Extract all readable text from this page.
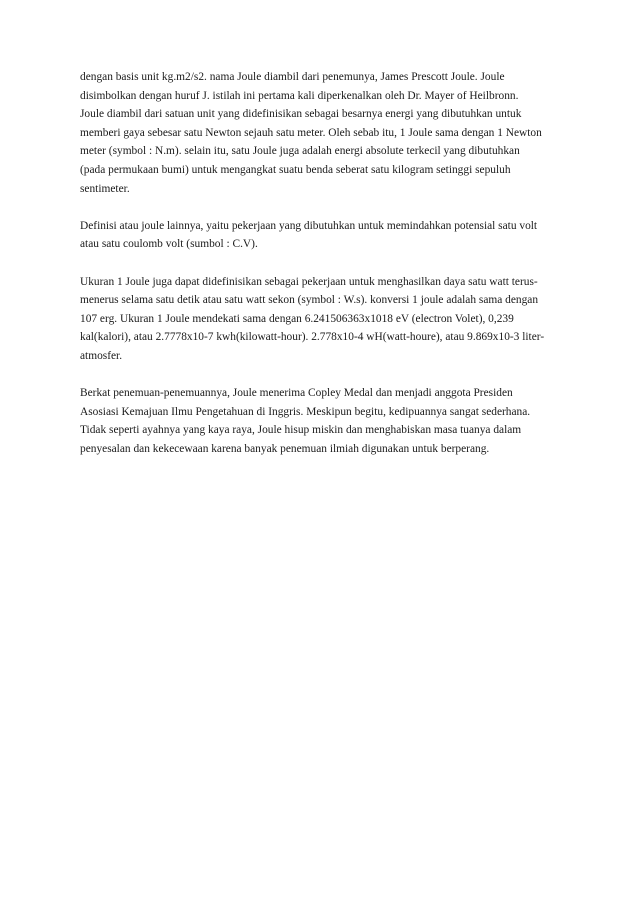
dengan basis unit kg.m2/s2. nama Joule diambil dari penemunya, James Prescott Joule. Joule
disimbolkan dengan huruf J. istilah ini pertama kali diperkenalkan oleh Dr. Mayer of Heilbronn.
Joule diambil dari satuan unit yang didefinisikan sebagai besarnya energi yang dibutuhkan untuk
memberi gaya sebesar satu Newton sejauh satu meter. Oleh sebab itu, 1 Joule sama dengan 1 Newton
meter (symbol : N.m). selain itu, satu Joule juga adalah energi absolute terkecil yang dibutuhkan
(pada permukaan bumi) untuk mengangkat suatu benda seberat satu kilogram setinggi sepuluh
sentimeter.

Definisi atau joule lainnya, yaitu pekerjaan yang dibutuhkan untuk memindahkan potensial satu volt
atau satu coulomb volt (sumbol : C.V).

Ukuran 1 Joule juga dapat didefinisikan sebagai pekerjaan untuk menghasilkan daya satu watt terus-
menerus selama satu detik atau satu watt sekon (symbol : W.s). konversi 1 joule adalah sama dengan
107 erg. Ukuran 1 Joule mendekati sama dengan 6.241506363x1018 eV (electron Volet), 0,239
kal(kalori), atau 2.7778x10-7 kwh(kilowatt-hour). 2.778x10-4 wH(watt-houre), atau 9.869x10-3 liter-
atmosfer.

Berkat penemuan-penemuannya, Joule menerima Copley Medal dan menjadi anggota Presiden
Asosiasi Kemajuan Ilmu Pengetahuan di Inggris. Meskipun begitu, kedipuannya sangat sederhana.
Tidak seperti ayahnya yang kaya raya, Joule hisup miskin dan menghabiskan masa tuanya dalam
penyesalan dan kekecewaan karena banyak penemuan ilmiah digunakan untuk berperang.
